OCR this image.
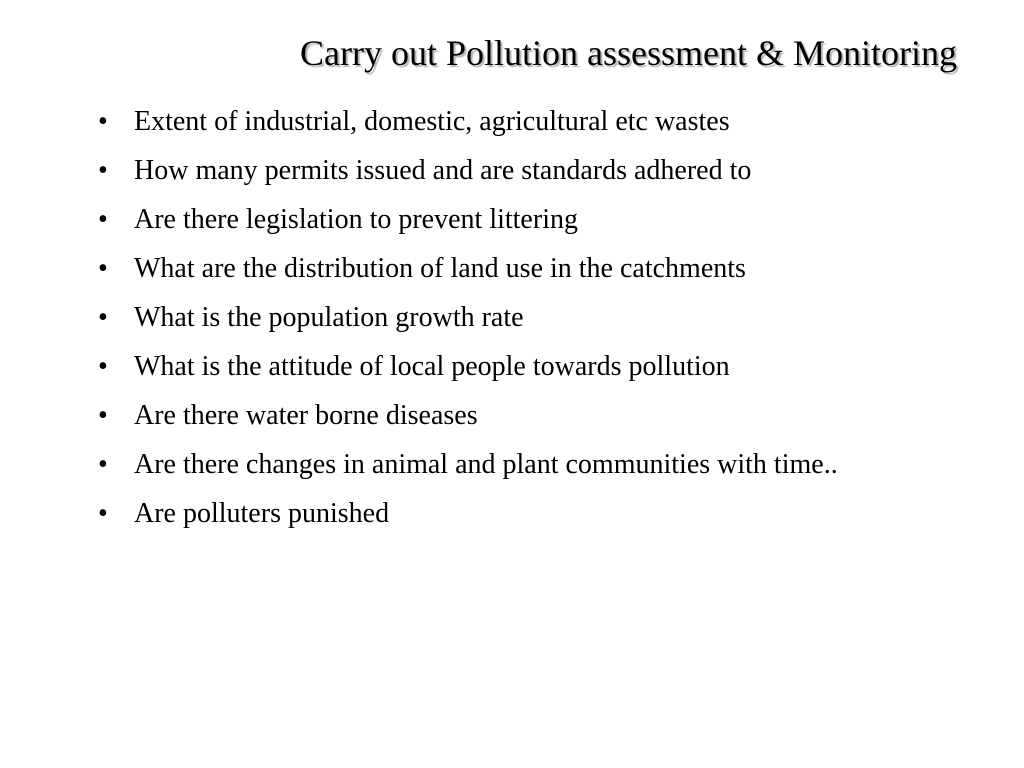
Carry out Pollution assessment & Monitoring
• Extent of industrial, domestic, agricultural etc wastes
• How many permits issued and are standards adhered to
• Are there legislation to prevent littering
• What are the distribution of land use in the catchments
• What is the population growth rate
• What is the attitude of local people towards pollution
• Are there water borne diseases
• Are there changes in animal and plant communities with time..
• Are polluters punished
